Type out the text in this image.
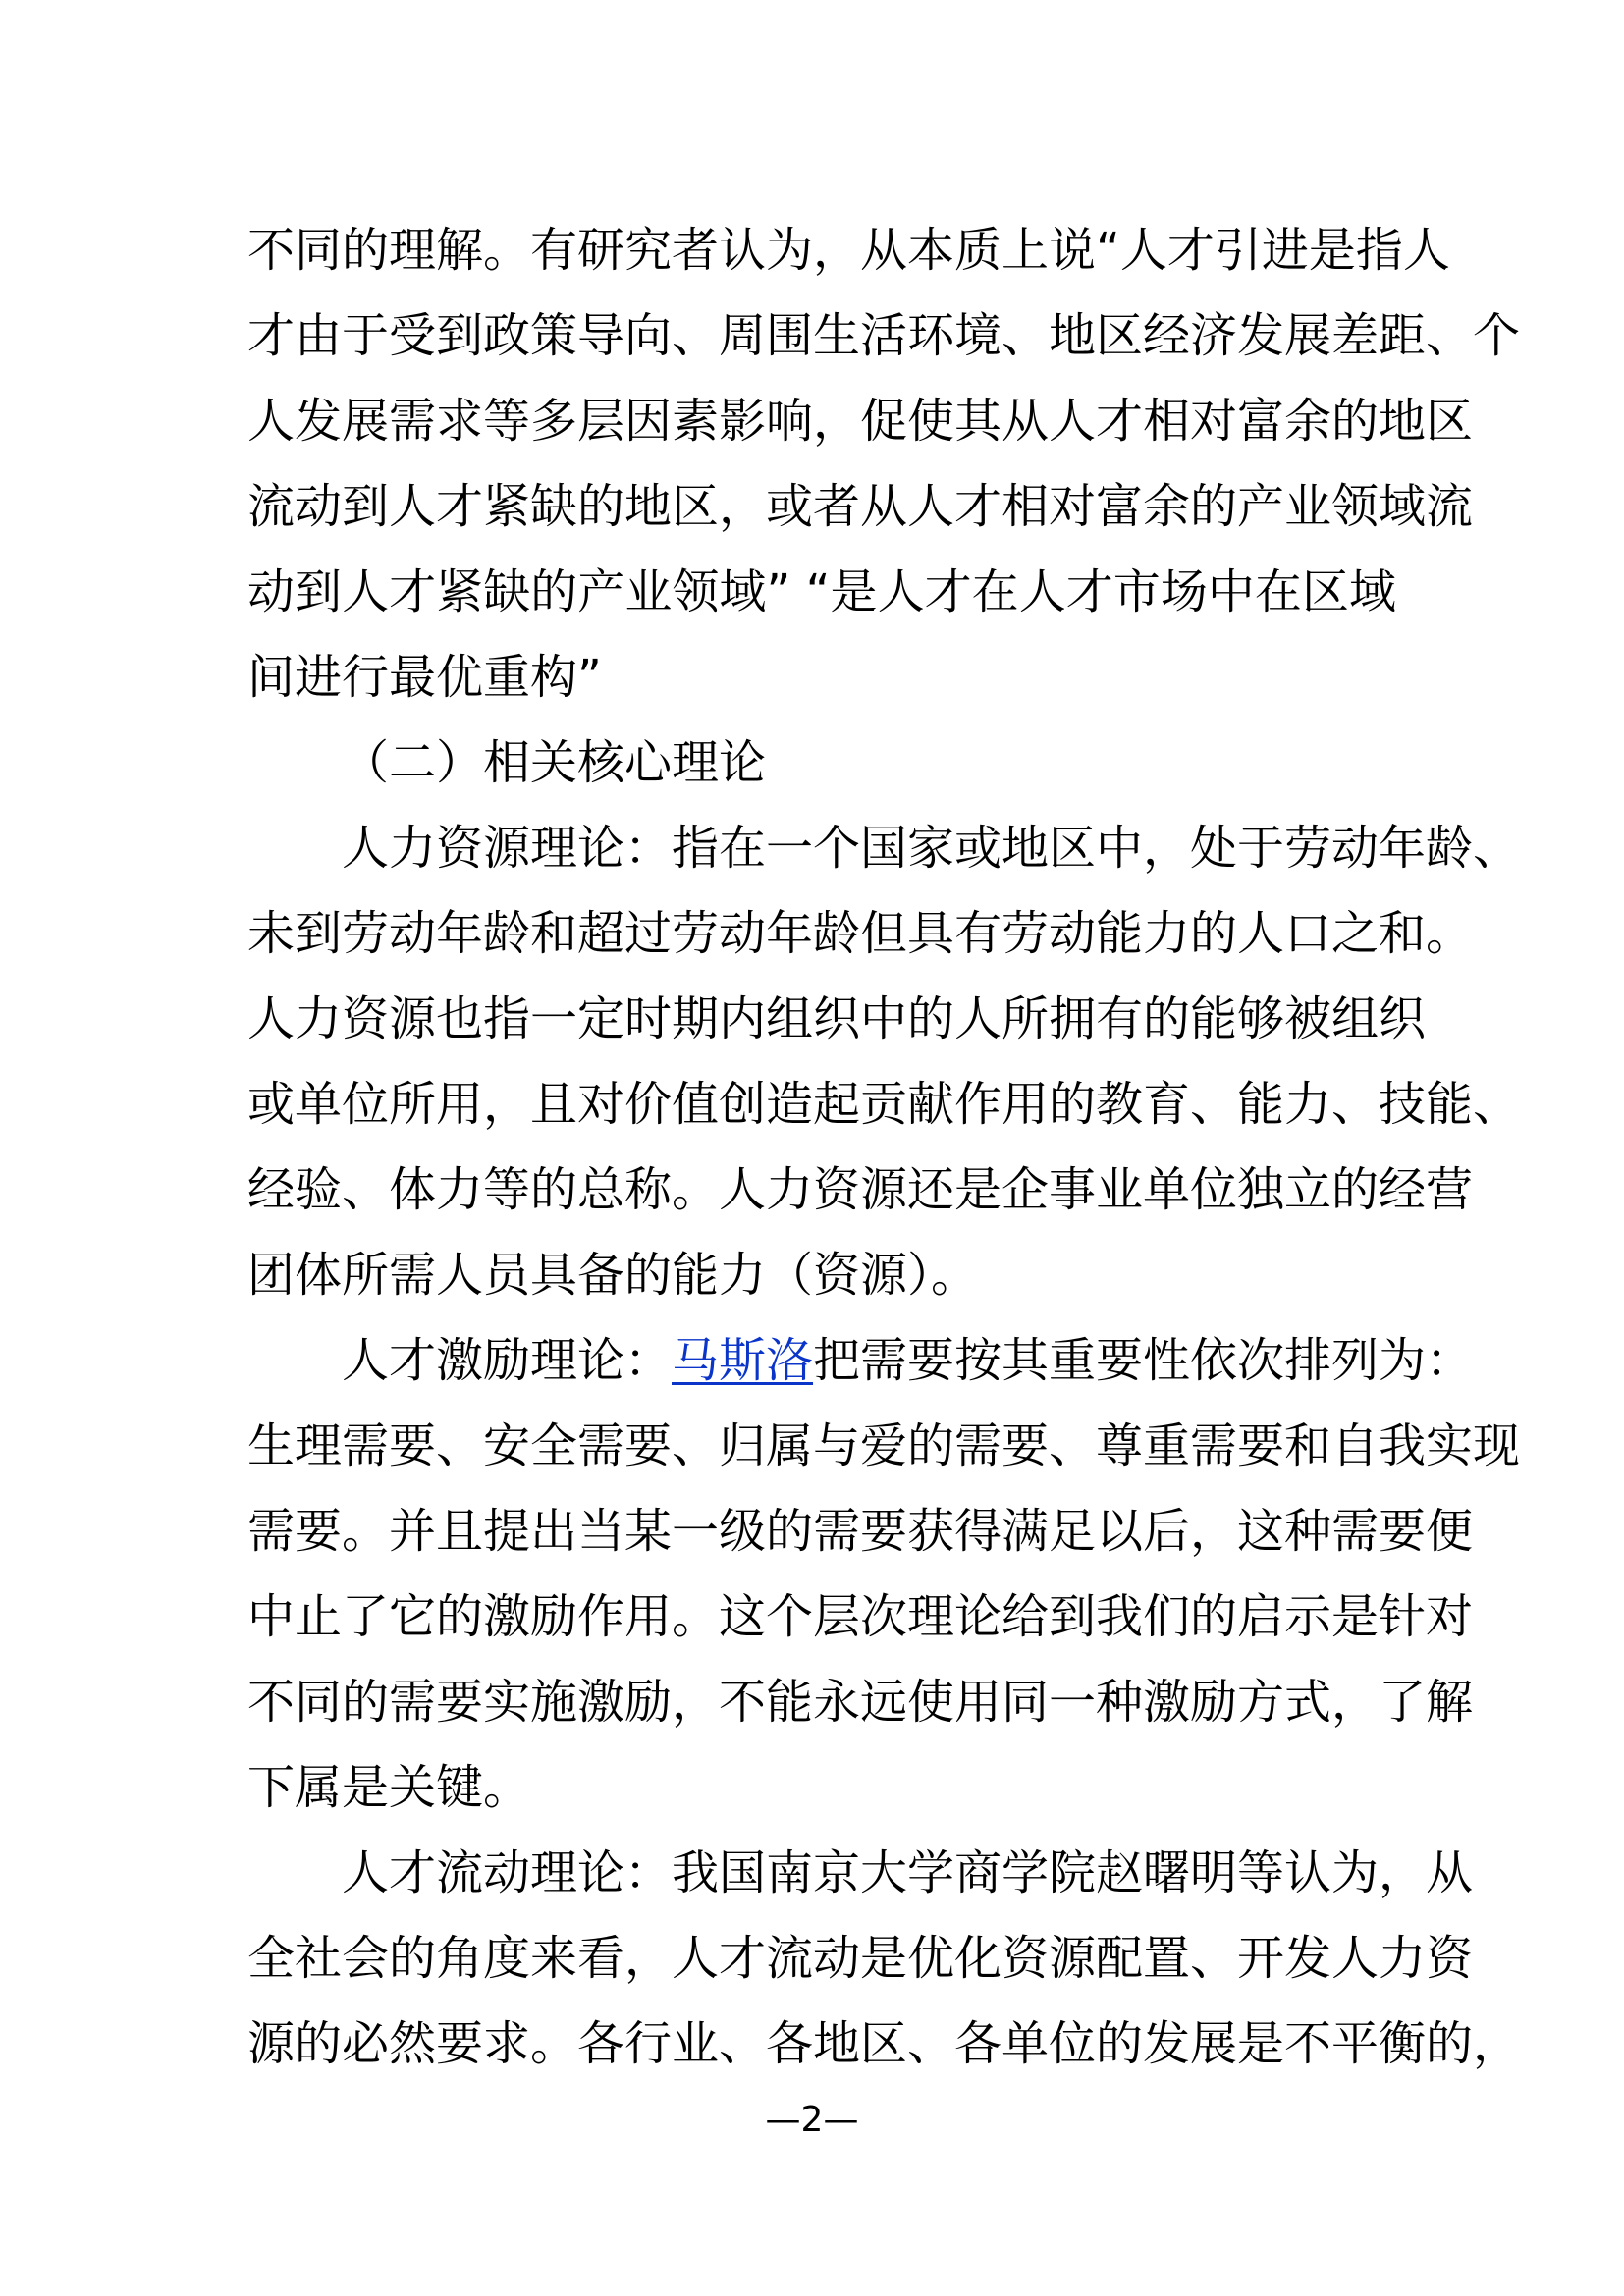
不同的理解。有研究者认为，从本质上说“人才引进是指人
才由于受到政策导向、周围生活环境、地区经济发展差距、个
人发展需求等多层因素影响，促使其从人才相对富余的地区
流动到人才紧缺的地区，或者从人才相对富余的产业领域流
动到人才紧缺的产业领域” “是人才在人才市场中在区域
间进行最优重构”
（二）相关核心理论
人力资源理论：指在一个国家或地区中，处于劳动年龄、
未到劳动年龄和超过劳动年龄但具有劳动能力的人口之和。
人力资源也指一定时期内组织中的人所拥有的能够被组织
或单位所用，且对价值创造起贡献作用的教育、能力、技能、
经验、体力等的总称。人力资源还是企事业单位独立的经营
团体所需人员具备的能力（资源）。
人才激励理论：马斯洛把需要按其重要性依次排列为：
生理需要、安全需要、归属与爱的需要、尊重需要和自我实现
需要。并且提出当某一级的需要获得满足以后，这种需要便
中止了它的激励作用。这个层次理论给到我们的启示是针对
不同的需要实施激励，不能永远使用同一种激励方式，了解
下属是关键。
人才流动理论：我国南京大学商学院赵曙明等认为，从
全社会的角度来看，人才流动是优化资源配置、开发人力资
源的必然要求。各行业、各地区、各单位的发展是不平衡的，
—2—
